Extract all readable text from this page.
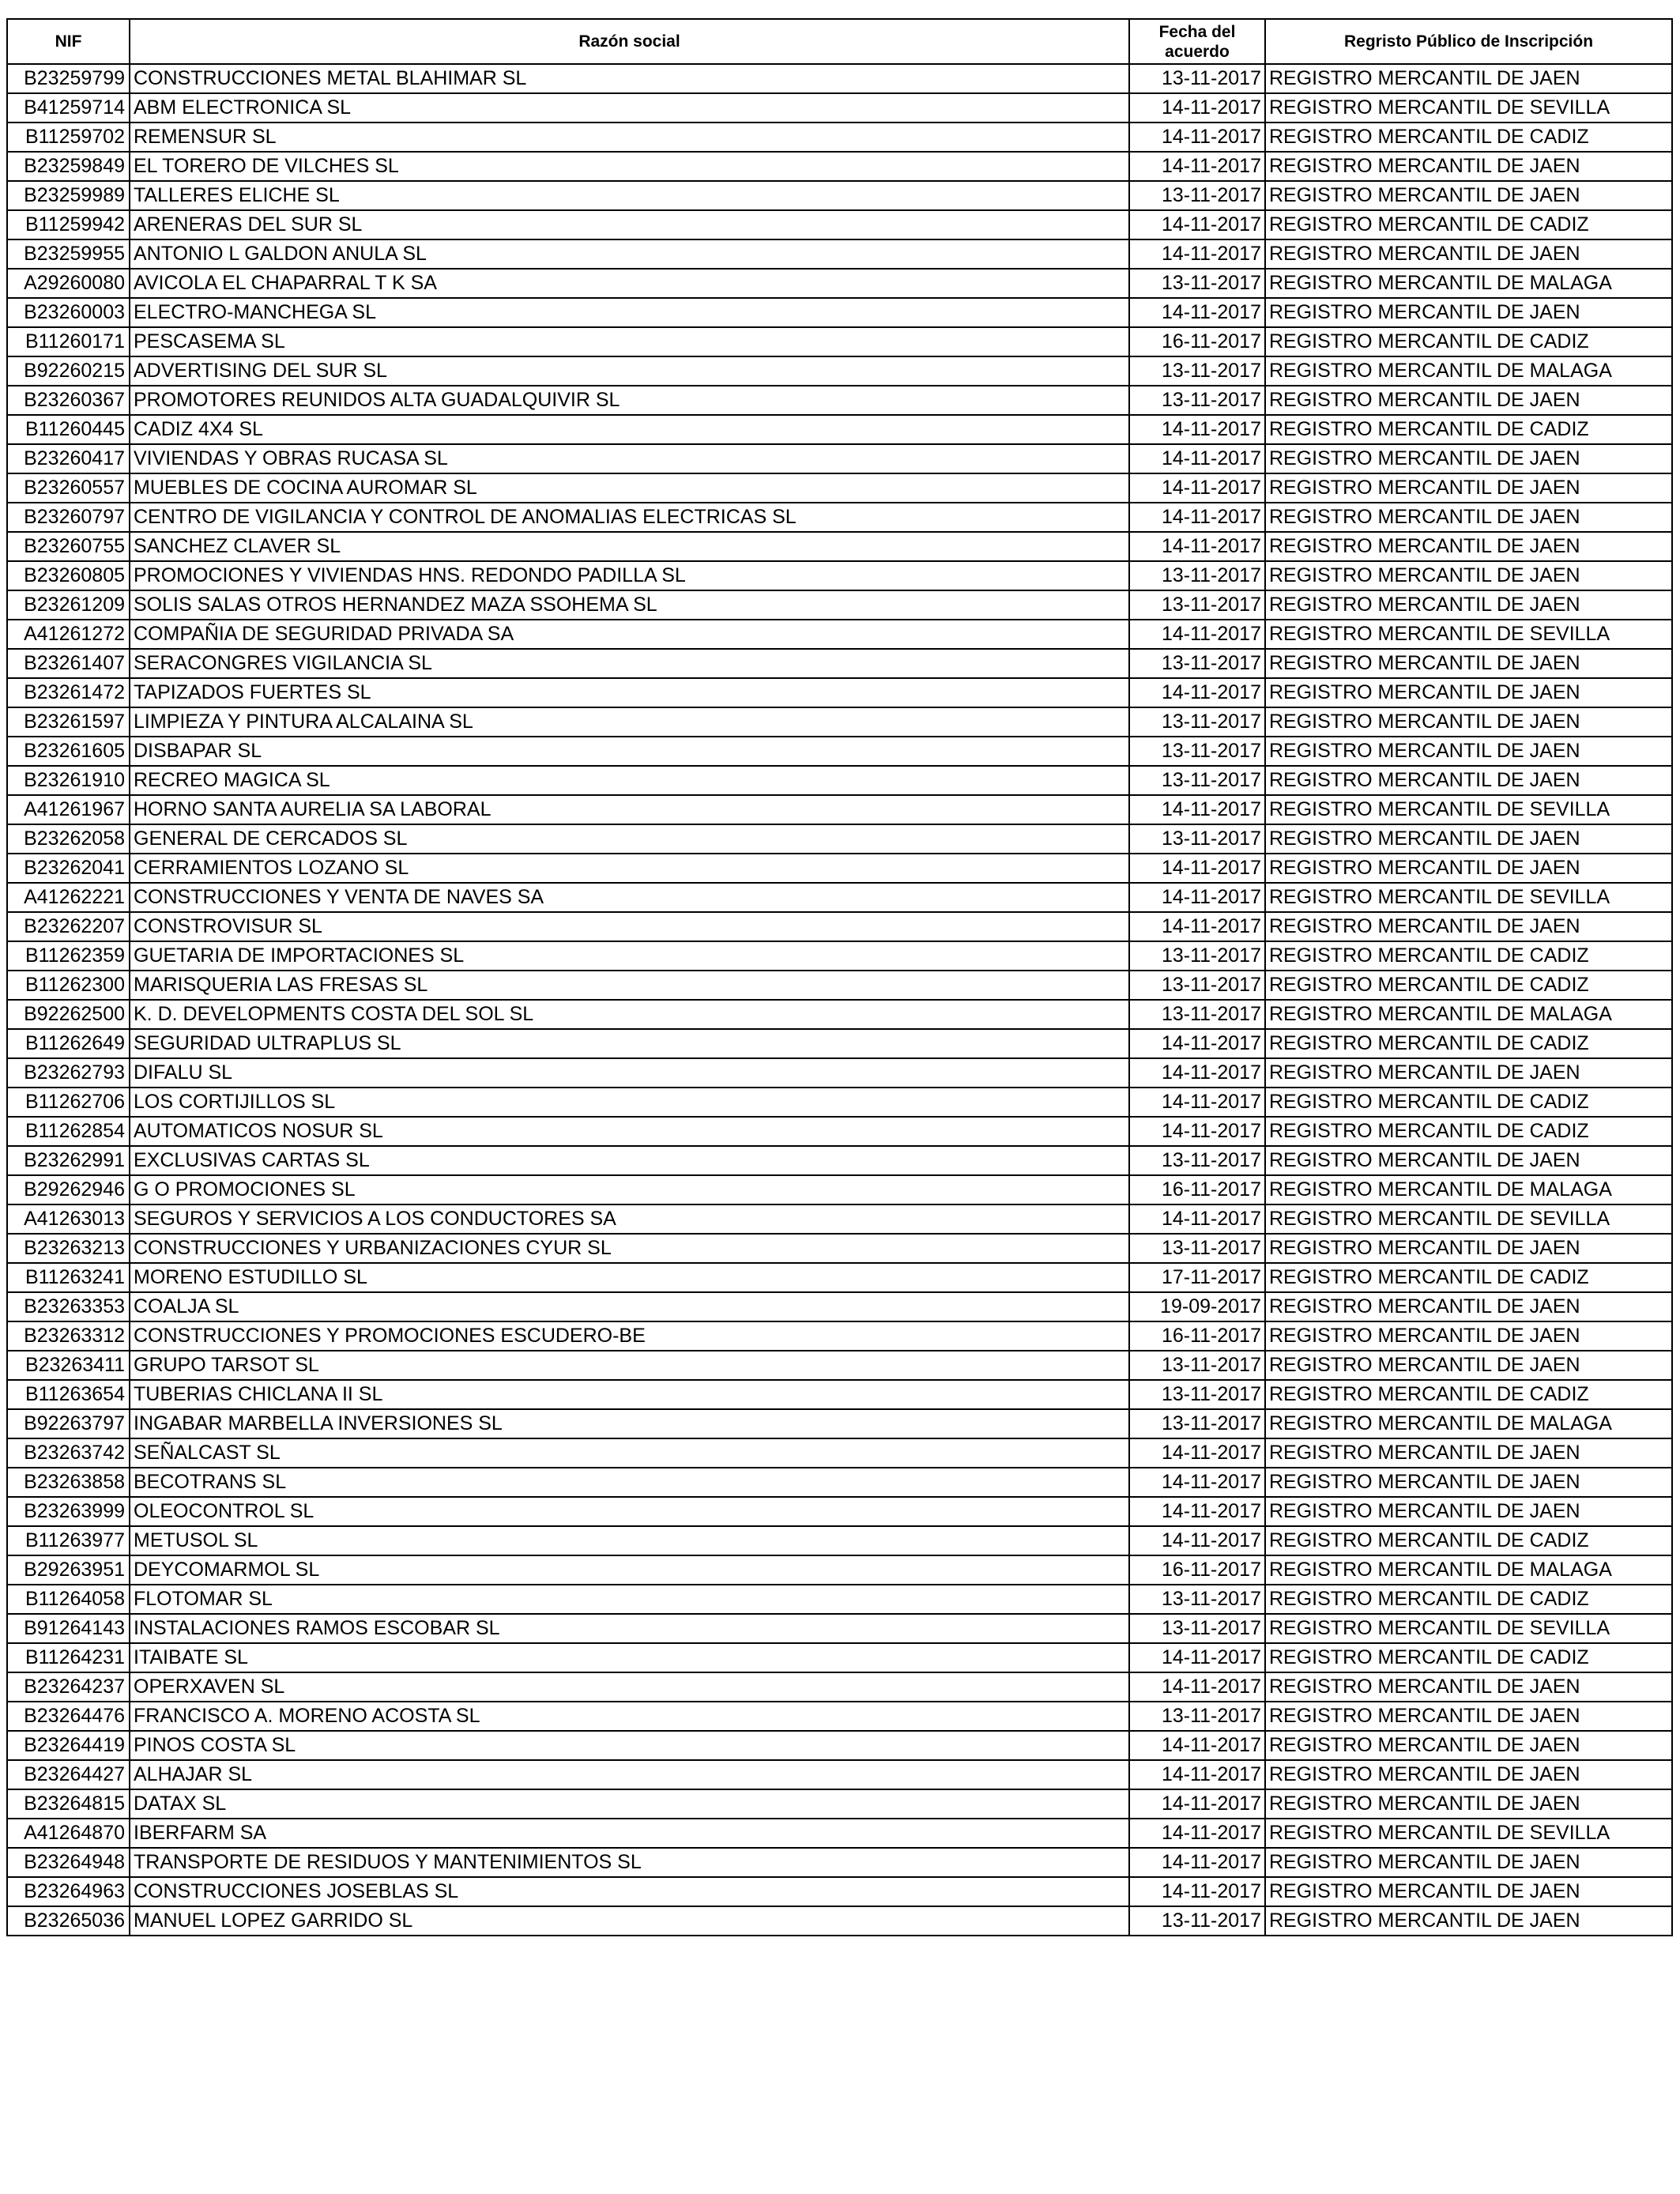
NIF	Razón social	Fecha del acuerdo	Regristo Público de Inscripción
B23259799	CONSTRUCCIONES METAL BLAHIMAR SL	13-11-2017	REGISTRO MERCANTIL DE JAEN
B41259714	ABM ELECTRONICA SL	14-11-2017	REGISTRO MERCANTIL DE SEVILLA
B11259702	REMENSUR SL	14-11-2017	REGISTRO MERCANTIL DE CADIZ
B23259849	EL TORERO DE VILCHES SL	14-11-2017	REGISTRO MERCANTIL DE JAEN
B23259989	TALLERES ELICHE SL	13-11-2017	REGISTRO MERCANTIL DE JAEN
B11259942	ARENERAS DEL SUR SL	14-11-2017	REGISTRO MERCANTIL DE CADIZ
B23259955	ANTONIO L GALDON ANULA SL	14-11-2017	REGISTRO MERCANTIL DE JAEN
A29260080	AVICOLA EL CHAPARRAL T K SA	13-11-2017	REGISTRO MERCANTIL DE MALAGA
B23260003	ELECTRO-MANCHEGA SL	14-11-2017	REGISTRO MERCANTIL DE JAEN
B11260171	PESCASEMA SL	16-11-2017	REGISTRO MERCANTIL DE CADIZ
B92260215	ADVERTISING DEL SUR SL	13-11-2017	REGISTRO MERCANTIL DE MALAGA
B23260367	PROMOTORES REUNIDOS ALTA GUADALQUIVIR SL	13-11-2017	REGISTRO MERCANTIL DE JAEN
B11260445	CADIZ 4X4 SL	14-11-2017	REGISTRO MERCANTIL DE CADIZ
B23260417	VIVIENDAS Y OBRAS RUCASA SL	14-11-2017	REGISTRO MERCANTIL DE JAEN
B23260557	MUEBLES DE COCINA AUROMAR SL	14-11-2017	REGISTRO MERCANTIL DE JAEN
B23260797	CENTRO DE VIGILANCIA Y CONTROL DE ANOMALIAS ELECTRICAS SL	14-11-2017	REGISTRO MERCANTIL DE JAEN
B23260755	SANCHEZ CLAVER SL	14-11-2017	REGISTRO MERCANTIL DE JAEN
B23260805	PROMOCIONES Y VIVIENDAS HNS. REDONDO PADILLA SL	13-11-2017	REGISTRO MERCANTIL DE JAEN
B23261209	SOLIS SALAS OTROS HERNANDEZ MAZA SSOHEMA SL	13-11-2017	REGISTRO MERCANTIL DE JAEN
A41261272	COMPAÑIA DE SEGURIDAD PRIVADA SA	14-11-2017	REGISTRO MERCANTIL DE SEVILLA
B23261407	SERACONGRES VIGILANCIA SL	13-11-2017	REGISTRO MERCANTIL DE JAEN
B23261472	TAPIZADOS FUERTES SL	14-11-2017	REGISTRO MERCANTIL DE JAEN
B23261597	LIMPIEZA Y PINTURA ALCALAINA SL	13-11-2017	REGISTRO MERCANTIL DE JAEN
B23261605	DISBAPAR SL	13-11-2017	REGISTRO MERCANTIL DE JAEN
B23261910	RECREO MAGICA SL	13-11-2017	REGISTRO MERCANTIL DE JAEN
A41261967	HORNO SANTA AURELIA SA LABORAL	14-11-2017	REGISTRO MERCANTIL DE SEVILLA
B23262058	GENERAL DE CERCADOS SL	13-11-2017	REGISTRO MERCANTIL DE JAEN
B23262041	CERRAMIENTOS LOZANO SL	14-11-2017	REGISTRO MERCANTIL DE JAEN
A41262221	CONSTRUCCIONES Y VENTA DE NAVES SA	14-11-2017	REGISTRO MERCANTIL DE SEVILLA
B23262207	CONSTROVISUR SL	14-11-2017	REGISTRO MERCANTIL DE JAEN
B11262359	GUETARIA DE IMPORTACIONES SL	13-11-2017	REGISTRO MERCANTIL DE CADIZ
B11262300	MARISQUERIA LAS FRESAS SL	13-11-2017	REGISTRO MERCANTIL DE CADIZ
B92262500	K. D. DEVELOPMENTS COSTA DEL SOL SL	13-11-2017	REGISTRO MERCANTIL DE MALAGA
B11262649	SEGURIDAD ULTRAPLUS SL	14-11-2017	REGISTRO MERCANTIL DE CADIZ
B23262793	DIFALU SL	14-11-2017	REGISTRO MERCANTIL DE JAEN
B11262706	LOS CORTIJILLOS SL	14-11-2017	REGISTRO MERCANTIL DE CADIZ
B11262854	AUTOMATICOS NOSUR SL	14-11-2017	REGISTRO MERCANTIL DE CADIZ
B23262991	EXCLUSIVAS CARTAS SL	13-11-2017	REGISTRO MERCANTIL DE JAEN
B29262946	G O PROMOCIONES SL	16-11-2017	REGISTRO MERCANTIL DE MALAGA
A41263013	SEGUROS Y SERVICIOS A LOS CONDUCTORES SA	14-11-2017	REGISTRO MERCANTIL DE SEVILLA
B23263213	CONSTRUCCIONES Y URBANIZACIONES CYUR SL	13-11-2017	REGISTRO MERCANTIL DE JAEN
B11263241	MORENO ESTUDILLO SL	17-11-2017	REGISTRO MERCANTIL DE CADIZ
B23263353	COALJA SL	19-09-2017	REGISTRO MERCANTIL DE JAEN
B23263312	CONSTRUCCIONES Y PROMOCIONES ESCUDERO-BE	16-11-2017	REGISTRO MERCANTIL DE JAEN
B23263411	GRUPO TARSOT SL	13-11-2017	REGISTRO MERCANTIL DE JAEN
B11263654	TUBERIAS CHICLANA II SL	13-11-2017	REGISTRO MERCANTIL DE CADIZ
B92263797	INGABAR MARBELLA INVERSIONES SL	13-11-2017	REGISTRO MERCANTIL DE MALAGA
B23263742	SEÑALCAST SL	14-11-2017	REGISTRO MERCANTIL DE JAEN
B23263858	BECOTRANS SL	14-11-2017	REGISTRO MERCANTIL DE JAEN
B23263999	OLEOCONTROL SL	14-11-2017	REGISTRO MERCANTIL DE JAEN
B11263977	METUSOL SL	14-11-2017	REGISTRO MERCANTIL DE CADIZ
B29263951	DEYCOMARMOL SL	16-11-2017	REGISTRO MERCANTIL DE MALAGA
B11264058	FLOTOMAR SL	13-11-2017	REGISTRO MERCANTIL DE CADIZ
B91264143	INSTALACIONES RAMOS ESCOBAR SL	13-11-2017	REGISTRO MERCANTIL DE SEVILLA
B11264231	ITAIBATE SL	14-11-2017	REGISTRO MERCANTIL DE CADIZ
B23264237	OPERXAVEN SL	14-11-2017	REGISTRO MERCANTIL DE JAEN
B23264476	FRANCISCO A. MORENO ACOSTA SL	13-11-2017	REGISTRO MERCANTIL DE JAEN
B23264419	PINOS COSTA SL	14-11-2017	REGISTRO MERCANTIL DE JAEN
B23264427	ALHAJAR SL	14-11-2017	REGISTRO MERCANTIL DE JAEN
B23264815	DATAX SL	14-11-2017	REGISTRO MERCANTIL DE JAEN
A41264870	IBERFARM SA	14-11-2017	REGISTRO MERCANTIL DE SEVILLA
B23264948	TRANSPORTE DE RESIDUOS Y MANTENIMIENTOS SL	14-11-2017	REGISTRO MERCANTIL DE JAEN
B23264963	CONSTRUCCIONES JOSEBLAS SL	14-11-2017	REGISTRO MERCANTIL DE JAEN
B23265036	MANUEL LOPEZ GARRIDO SL	13-11-2017	REGISTRO MERCANTIL DE JAEN
